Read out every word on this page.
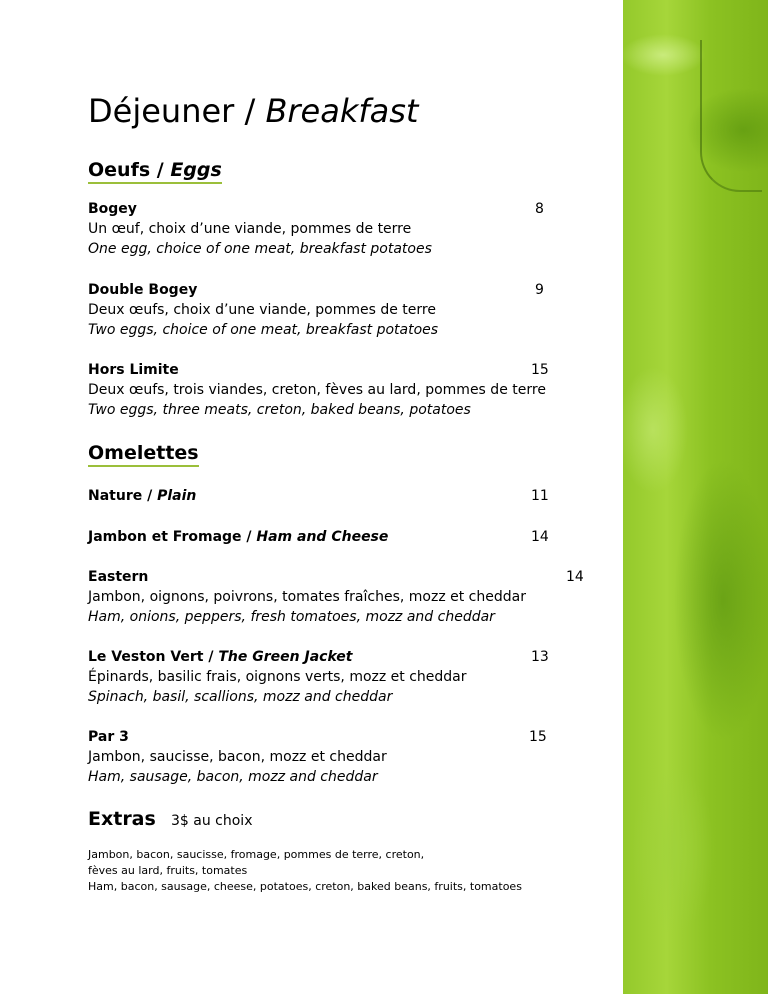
Déjeuner / Breakfast
Oeufs / Eggs
Bogey
Un œuf, choix d’une viande, pommes de terre
One egg, choice of one meat, breakfast potatoes
8
Double Bogey
Deux œufs, choix d’une viande, pommes de terre
Two eggs, choice of one meat, breakfast potatoes
9
Hors Limite
Deux œufs, trois viandes, creton, fèves au lard, pommes de terre
Two eggs, three meats, creton, baked beans, potatoes
15
Omelettes
Nature / Plain	11
Jambon et Fromage / Ham and Cheese	14
Eastern
Jambon, oignons, poivrons, tomates fraîches, mozz et cheddar
Ham, onions, peppers, fresh tomatoes, mozz and cheddar
14
Le Veston Vert / The Green Jacket
Épinards, basilic frais, oignons verts, mozz et cheddar
Spinach, basil, scallions, mozz and cheddar
13
Par 3
Jambon, saucisse, bacon, mozz et cheddar
Ham, sausage, bacon, mozz and cheddar
15
Extras 3$ au choix
Jambon, bacon, saucisse, fromage, pommes de terre, creton,
fèves au lard, fruits, tomates
Ham, bacon, sausage, cheese, potatoes, creton, baked beans, fruits, tomatoes
